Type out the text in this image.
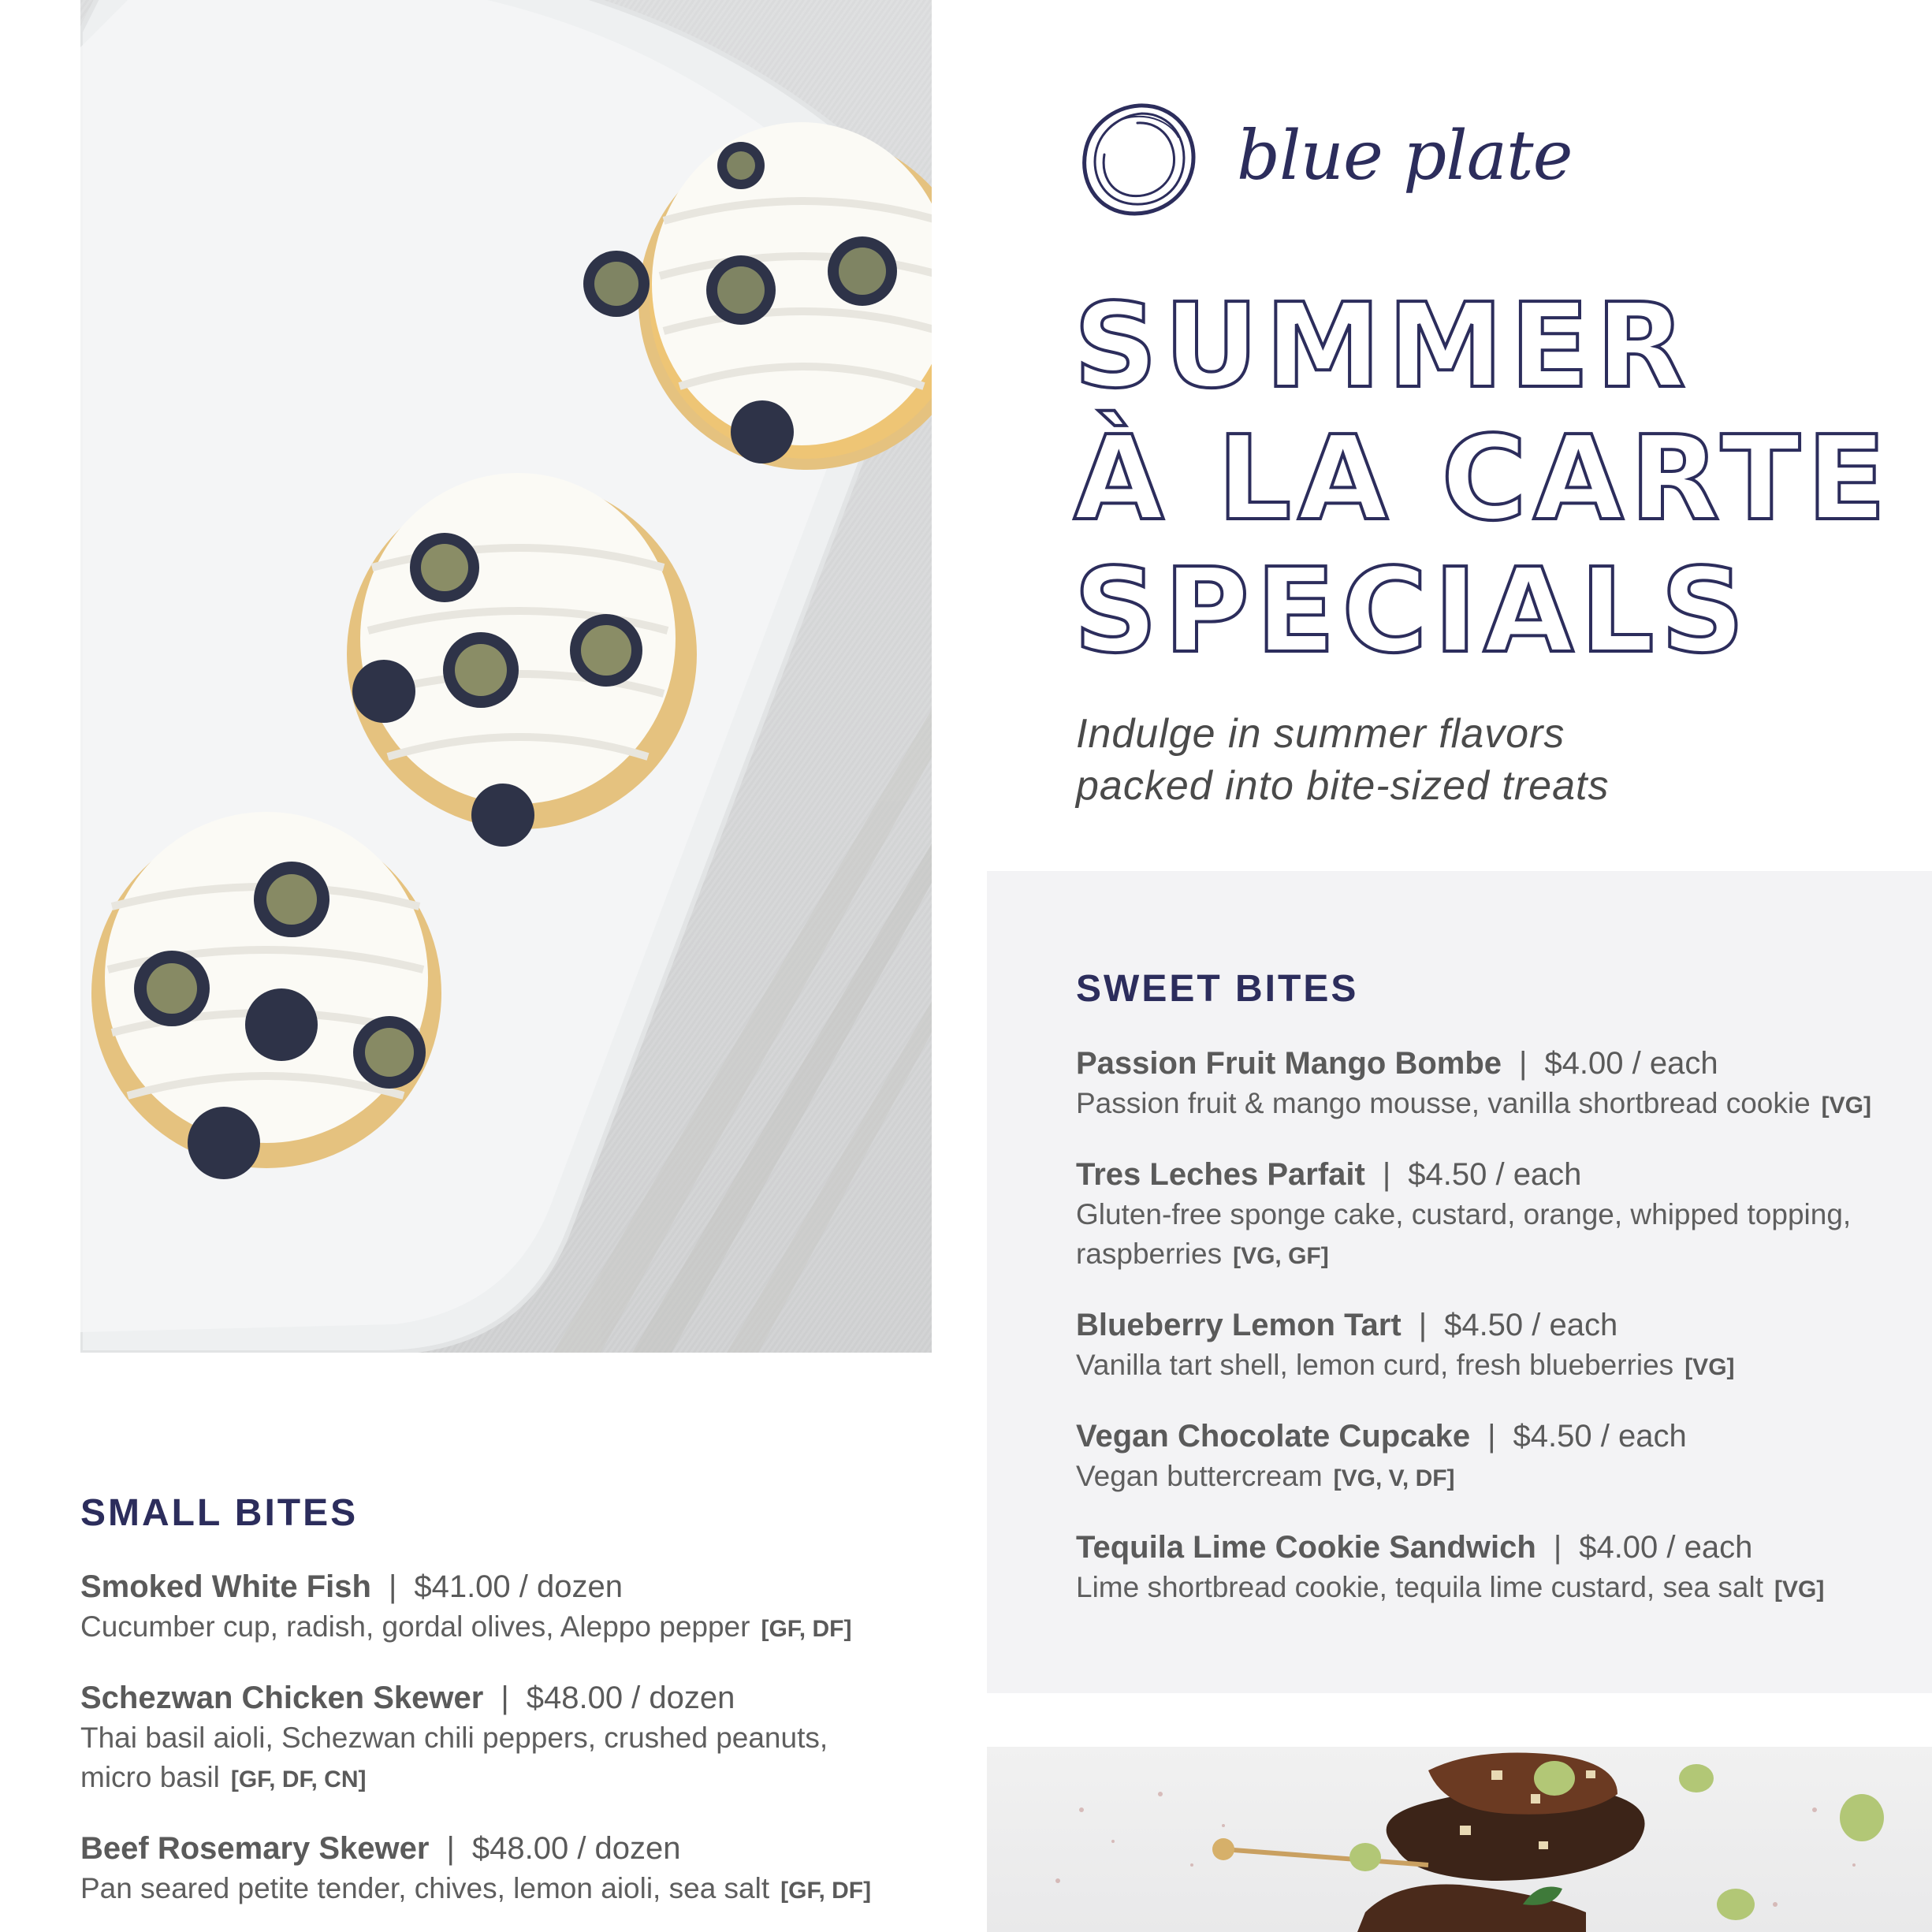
blue plate
SUMMER
À LA CARTE
SPECIALS
Indulge in summer flavors
packed into bite-sized treats
SWEET BITES
Passion Fruit Mango Bombe | $4.00 / each
Passion fruit & mango mousse, vanilla shortbread cookie [VG]
Tres Leches Parfait | $4.50 / each
Gluten-free sponge cake, custard, orange, whipped topping,
raspberries [VG, GF]
Blueberry Lemon Tart | $4.50 / each
Vanilla tart shell, lemon curd, fresh blueberries [VG]
Vegan Chocolate Cupcake | $4.50 / each
Vegan buttercream [VG, V, DF]
Tequila Lime Cookie Sandwich | $4.00 / each
Lime shortbread cookie, tequila lime custard, sea salt [VG]
SMALL BITES
Smoked White Fish | $41.00 / dozen
Cucumber cup, radish, gordal olives, Aleppo pepper [GF, DF]
Schezwan Chicken Skewer | $48.00 / dozen
Thai basil aioli, Schezwan chili peppers, crushed peanuts,
micro basil [GF, DF, CN]
Beef Rosemary Skewer | $48.00 / dozen
Pan seared petite tender, chives, lemon aioli, sea salt [GF, DF]
